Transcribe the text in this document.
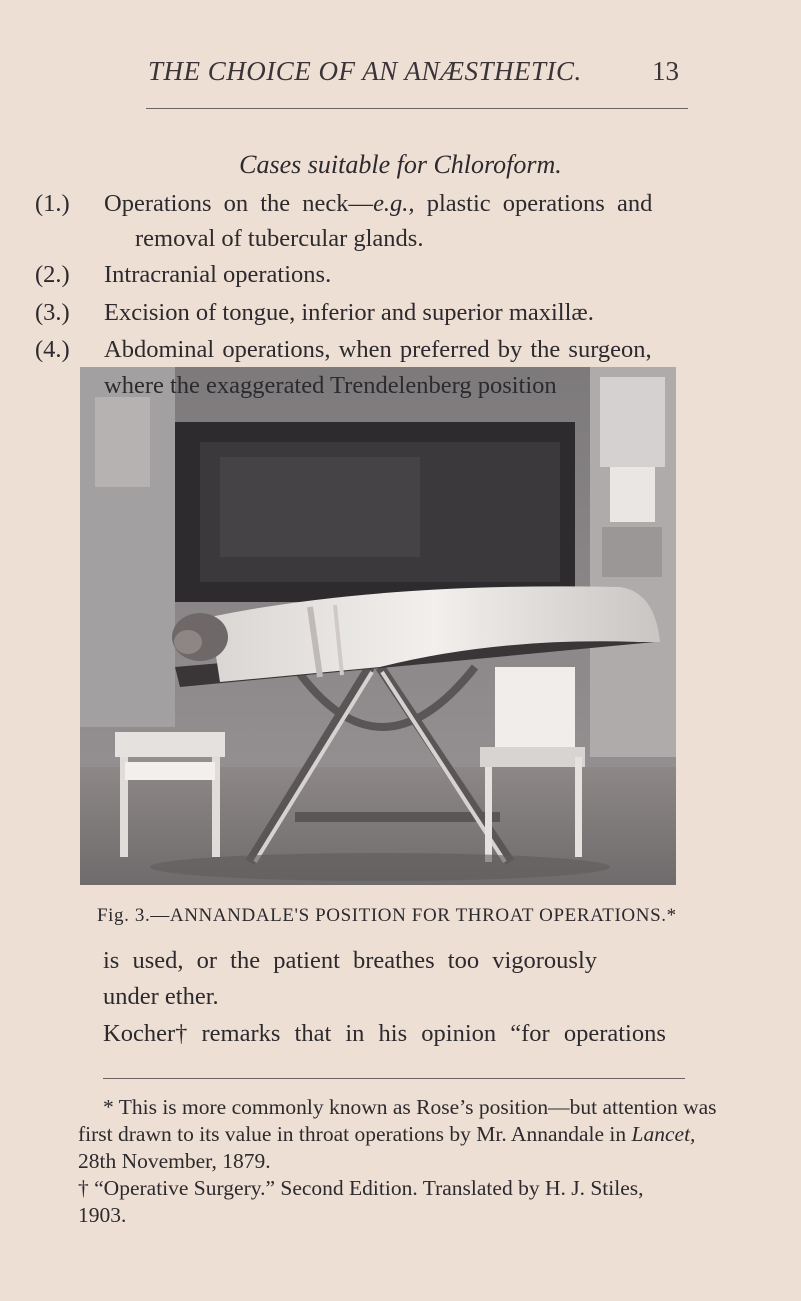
THE CHOICE OF AN ANÆSTHETIC.	13
Cases suitable for Chloroform.
(1.) Operations on the neck—e.g., plastic operations and
removal of tubercular glands.
(2.) Intracranial operations.
(3.) Excision of tongue, inferior and superior maxillæ.
(4.) Abdominal operations, when preferred by the surgeon,
Fig. 3.—ANNANDALE'S POSITION FOR THROAT OPERATIONS.*
is used, or the patient breathes too vigorously
under ether.
Kocher† remarks that in his opinion “for operations
* This is more commonly known as Rose’s position—but attention was
first drawn to its value in throat operations by Mr. Annandale in Lancet,
28th November, 1879.
† “Operative Surgery.” Second Edition. Translated by H. J. Stiles,
1903.
where the exaggerated Trendelenberg position
